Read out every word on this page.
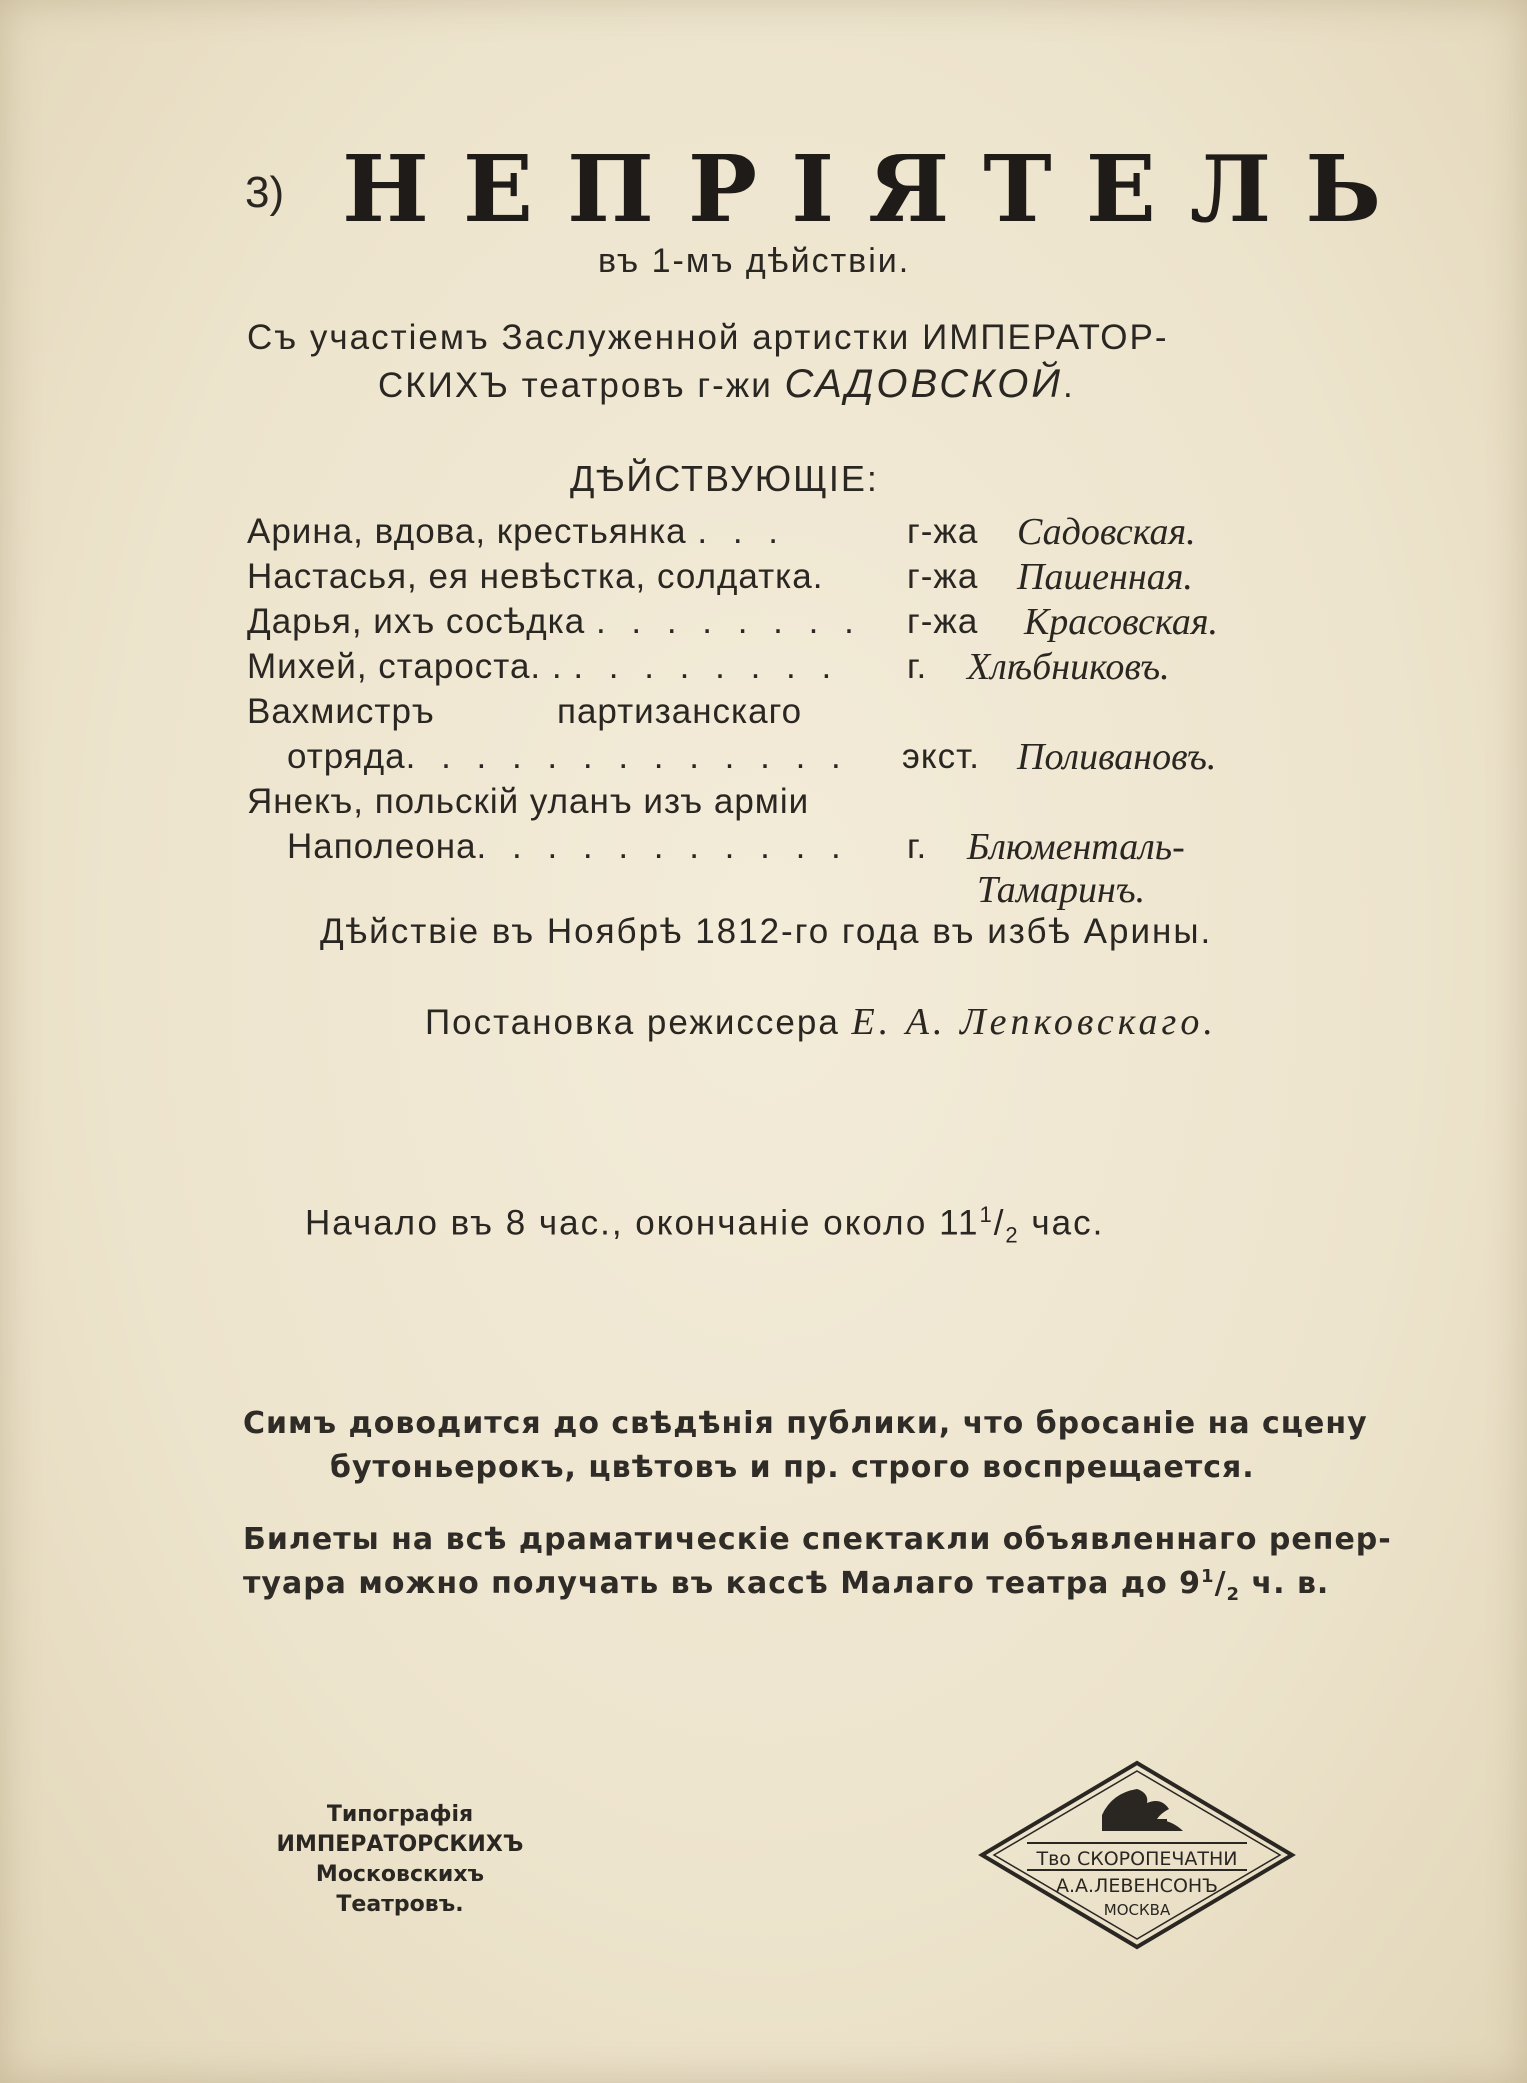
3) НЕПРІЯТЕЛЬ
въ 1-мъ дѣйствіи.
Съ участіемъ Заслуженной артистки ИМПЕРАТОР-
СКИХЪ театровъ г-жи САДОВСКОЙ.
ДѢЙСТВУЮЩІЕ:
Арина, вдова, крестьянка . . .	г-жа Садовская.
Настасья, ея невѣстка, солдатка. г-жа Пашенная.
Дарья, ихъ сосѣдка . . . . . . . . г-жа Красовская.
Михей, староста. . . . . . . . . . г. Хлѣбниковъ.
Вахмистръ	партизанскаго
отряда. . . . . . . . . . . . . экст. Поливановъ.
Янекъ, польскій уланъ изъ арміи
Наполеона. . . . . . . . . . . г. Блюменталь-
Тамаринъ.
Дѣйствіе въ Ноябрѣ 1812-го года въ избѣ Арины.
Постановка режиссера Е. А. Лепковскаго.
Начало въ 8 час., окончаніе около $11^1/_2$ час.
Симъ доводится до свѣдѣнія публики, что бросаніе на сцену
бутоньерокъ, цвѣтовъ и пр. строго воспрещается.
Билеты на всѣ драматическіе спектакли объявленнаго репер-
туара можно получать въ кассѣ Малаго театра до $9^1/_2$ ч. в.
Типографія
ИМПЕРАТОРСКИХЪ
Московскихъ
Театровъ.
Тво СКОРОПЕЧАТНИ
А.А.ЛЕВЕНСОНЪ
МОСКВА
